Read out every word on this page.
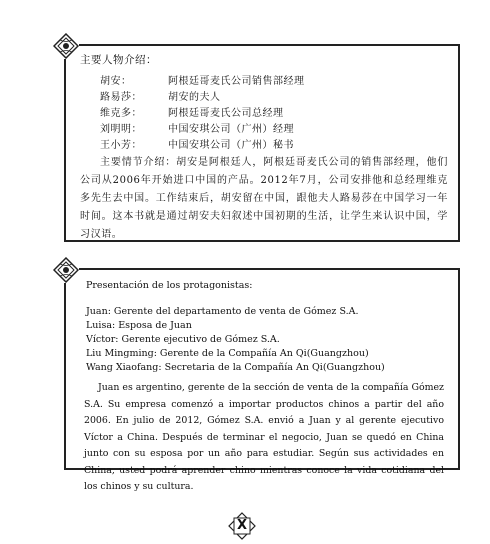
主要人物介绍：
胡安：	阿根廷哥麦氏公司销售部经理
路易莎：	胡安的夫人
维克多：	阿根廷哥麦氏公司总经理
刘明明：	中国安琪公司（广州）经理
王小芳：	中国安琪公司（广州）秘书

主要情节介绍：胡安是阿根廷人，阿根廷哥麦氏公司的销售部经理，他们公司从2006年开始进口中国的产品。2012年7月，公司安排他和总经理维克多先生去中国。工作结束后，胡安留在中国，跟他夫人路易莎在中国学习一年时间。这本书就是通过胡安夫妇叙述中国初期的生活，让学生来认识中国，学习汉语。

Presentación de los protagonistas:
Juan: Gerente del departamento de venta de Gómez S.A.
Luisa: Esposa de Juan
Víctor: Gerente ejecutivo de Gómez S.A.
Liu Mingming: Gerente de la Compañía An Qi(Guangzhou)
Wang Xiaofang: Secretaria de la Compañía An Qi(Guangzhou)

Juan es argentino, gerente de la sección de venta de la compañía Gómez S.A. Su empresa comenzó a importar productos chinos a partir del año 2006. En julio de 2012, Gómez S.A. envió a Juan y al gerente ejecutivo Víctor a China. Después de terminar el negocio, Juan se quedó en China junto con su esposa por un año para estudiar. Según sus actividades en China, usted podrá aprender chino mientras conoce la vida cotidiana del los chinos y su cultura.

X
